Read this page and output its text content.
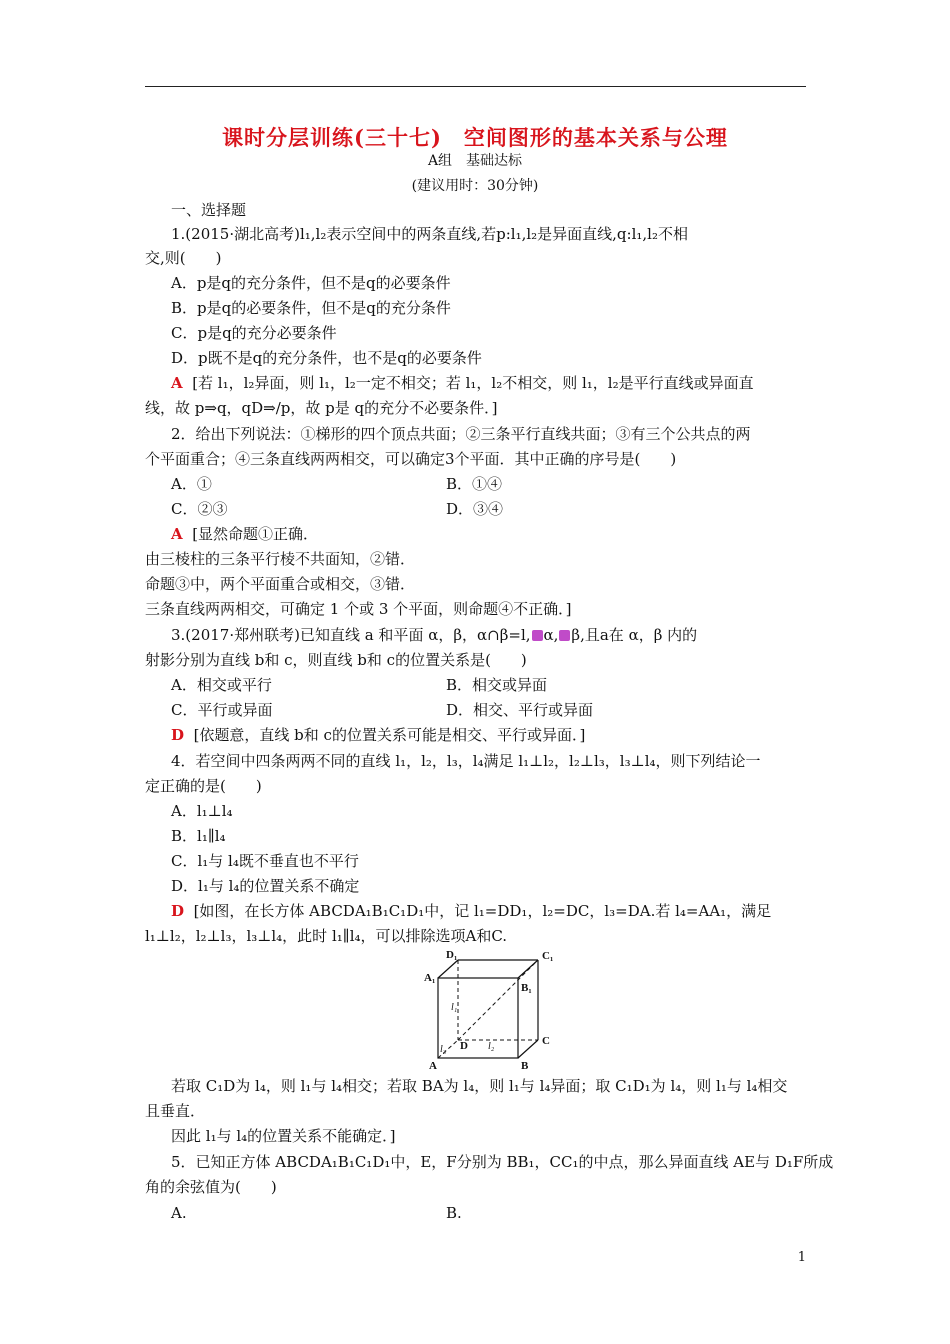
课时分层训练(三十七)　空间图形的基本关系与公理
A组　基础达标
(建议用时：30分钟)
一、选择题
1.(2015·湖北高考)l₁,l₂表示空间中的两条直线,若p:l₁,l₂是异面直线,q:l₁,l₂不相
交,则(　　)
A．p是q的充分条件，但不是q的必要条件
B．p是q的必要条件，但不是q的充分条件
C．p是q的充分必要条件
D．p既不是q的充分条件，也不是q的必要条件
A [若 l₁，l₂异面，则 l₁，l₂一定不相交；若 l₁，l₂不相交，则 l₁，l₂是平行直线或异面直
线，故 p⇒q，qD⇒/p，故 p是 q的充分不必要条件．]
2．给出下列说法：①梯形的四个顶点共面；②三条平行直线共面；③有三个公共点的两
个平面重合；④三条直线两两相交，可以确定3个平面．其中正确的序号是(　　)
A．①	B．①④
C．②③	D．③④
A [显然命题①正确．
由三棱柱的三条平行棱不共面知，②错．
命题③中，两个平面重合或相交，③错．
三条直线两两相交，可确定 1 个或 3 个平面，则命题④不正确．]
3.(2017·郑州联考)已知直线 a 和平面 α，β，α∩β=l, α, β,且a在 α，β 内的
射影分别为直线 b和 c，则直线 b和 c的位置关系是(　　)
A．相交或平行	B．相交或异面
C．平行或异面	D．相交、平行或异面
D [依题意，直线 b和 c的位置关系可能是相交、平行或异面．]
4．若空间中四条两两不同的直线 l₁，l₂，l₃，l₄满足 l₁⊥l₂，l₂⊥l₃，l₃⊥l₄，则下列结论一
定正确的是(　　)
A．l₁⊥l₄
B．l₁∥l₄
C．l₁与 l₄既不垂直也不平行
D．l₁与 l₄的位置关系不确定
D [如图，在长方体 ABCDA₁B₁C₁D₁中，记 l₁=DD₁，l₂=DC，l₃=DA.若 l₄=AA₁，满足
l₁⊥l₂，l₂⊥l₃，l₃⊥l₄，此时 l₁∥l₄，可以排除选项A和C.
D₁	C₁
A₁
B₁
D	C
A	B
l₁
l₂
l₃
若取 C₁D为 l₄，则 l₁与 l₄相交；若取 BA为 l₄，则 l₁与 l₄异面；取 C₁D₁为 l₄，则 l₁与 l₄相交
且垂直．
因此 l₁与 l₄的位置关系不能确定．]
5．已知正方体 ABCDA₁B₁C₁D₁中，E，F分别为 BB₁，CC₁的中点，那么异面直线 AE与 D₁F所成
角的余弦值为(　　)
A.	B.
1
